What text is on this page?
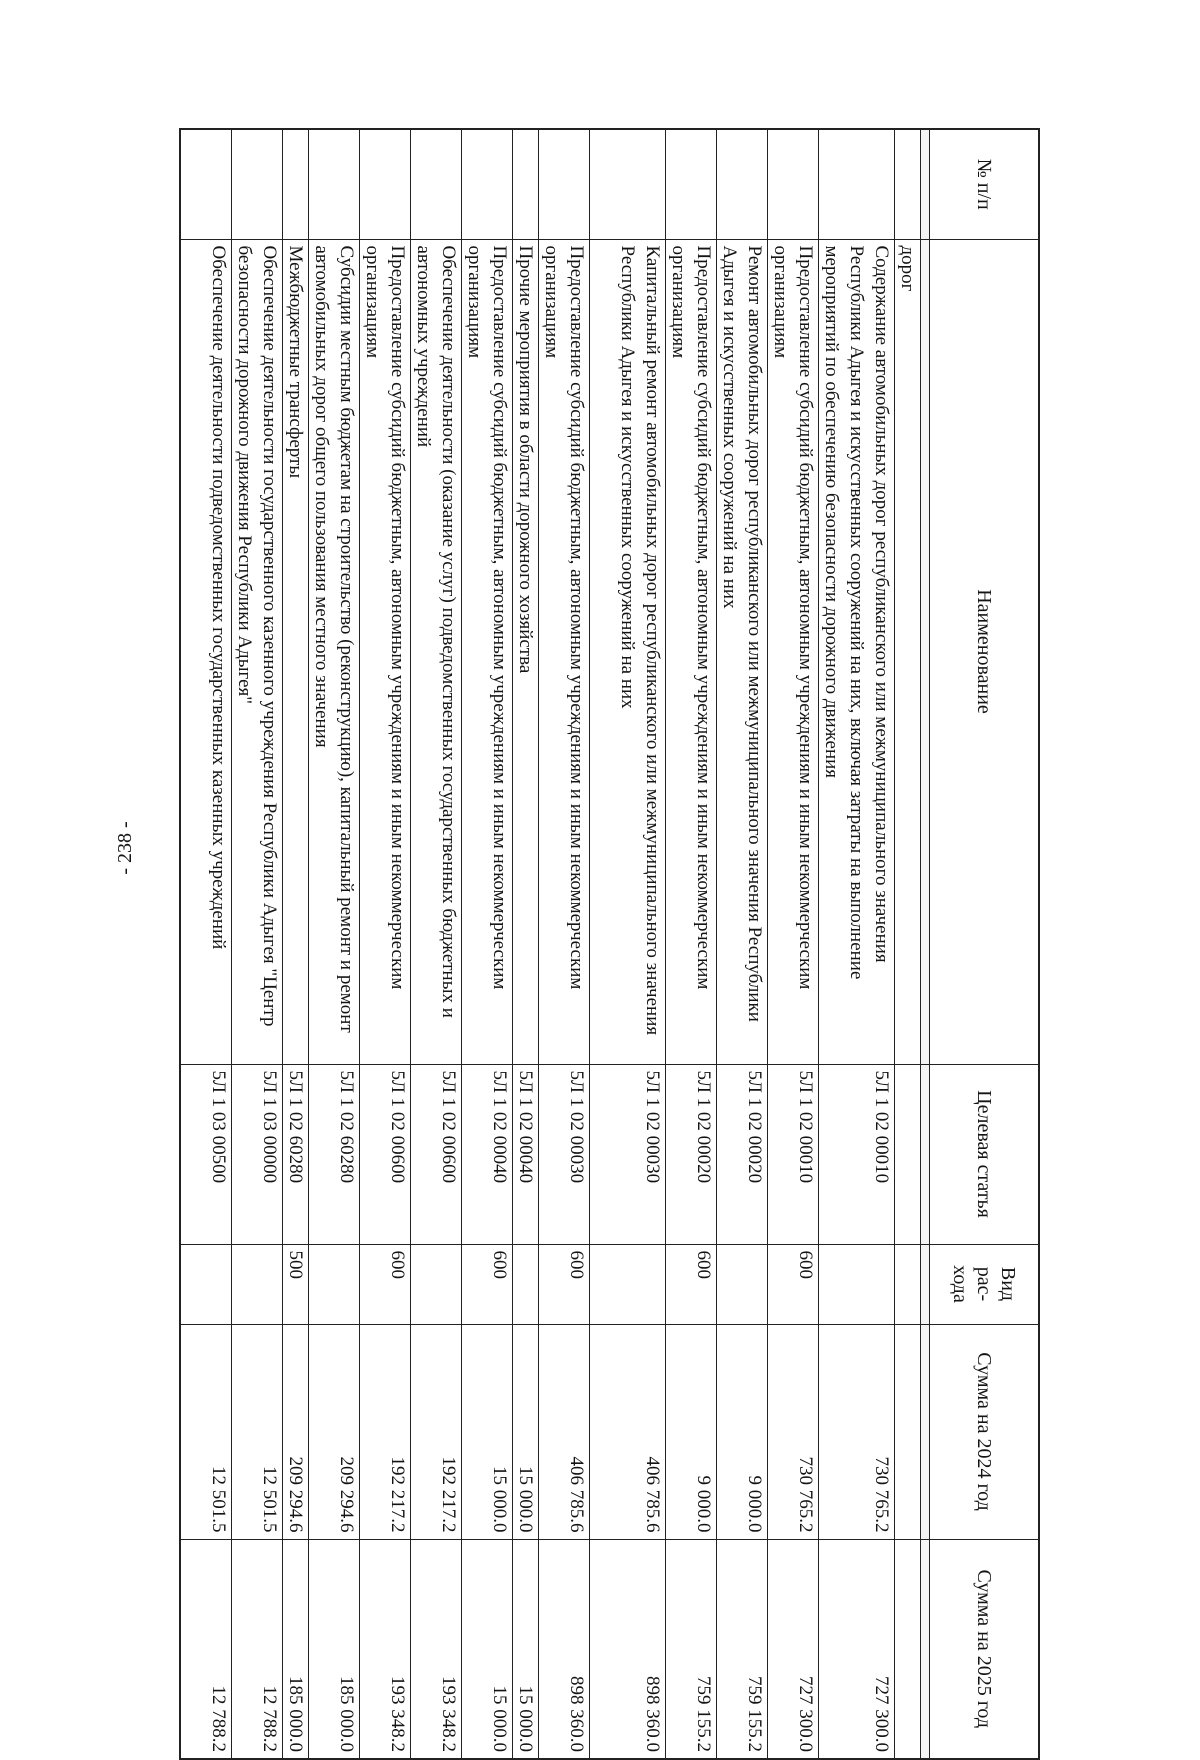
- 238 -
№ п/п	Наименование	Целевая статья	Вид рас-хода	Сумма на 2024 год	Сумма на 2025 год

	дорог				
	Содержание автомобильных дорог республиканского или межмуниципального значения Республики Адыгея и искусственных сооружений на них, включая затраты на выполнение мероприятий по обеспечению безопасности дорожного движения	5Л 1 02 00010		730 765.2	727 300.0
	Предоставление субсидий бюджетным, автономным учреждениям и иным некоммерческим организациям	5Л 1 02 00010	600	730 765.2	727 300.0
	Ремонт автомобильных дорог республиканского или межмуниципального значения Республики Адыгея и искусственных сооружений на них	5Л 1 02 00020		9 000.0	759 155.2
	Предоставление субсидий бюджетным, автономным учреждениям и иным некоммерческим организациям	5Л 1 02 00020	600	9 000.0	759 155.2
	Капитальный ремонт автомобильных дорог республиканского или межмуниципального значения Республики Адыгея и искусственных сооружений на них	5Л 1 02 00030		406 785.6	898 360.0
	Предоставление субсидий бюджетным, автономным учреждениям и иным некоммерческим организациям	5Л 1 02 00030	600	406 785.6	898 360.0
	Прочие мероприятия в области дорожного хозяйства	5Л 1 02 00040		15 000.0	15 000.0
	Предоставление субсидий бюджетным, автономным учреждениям и иным некоммерческим организациям	5Л 1 02 00040	600	15 000.0	15 000.0
	Обеспечение деятельности (оказание услуг) подведомственных государственных бюджетных и автономных учреждений	5Л 1 02 00600		192 217.2	193 348.2
	Предоставление субсидий бюджетным, автономным учреждениям и иным некоммерческим организациям	5Л 1 02 00600	600	192 217.2	193 348.2
	Субсидии местным бюджетам на строительство (реконструкцию), капитальный ремонт и ремонт автомобильных дорог общего пользования местного значения	5Л 1 02 60280		209 294.6	185 000.0
	Межбюджетные трансферты	5Л 1 02 60280	500	209 294.6	185 000.0
	Обеспечение деятельности государственного казенного учреждения Республики Адыгея "Центр безопасности дорожного движения Республики Адыгея"	5Л 1 03 00000		12 501.5	12 788.2
	Обеспечение деятельности подведомственных государственных казенных учреждений	5Л 1 03 00500		12 501.5	12 788.2
